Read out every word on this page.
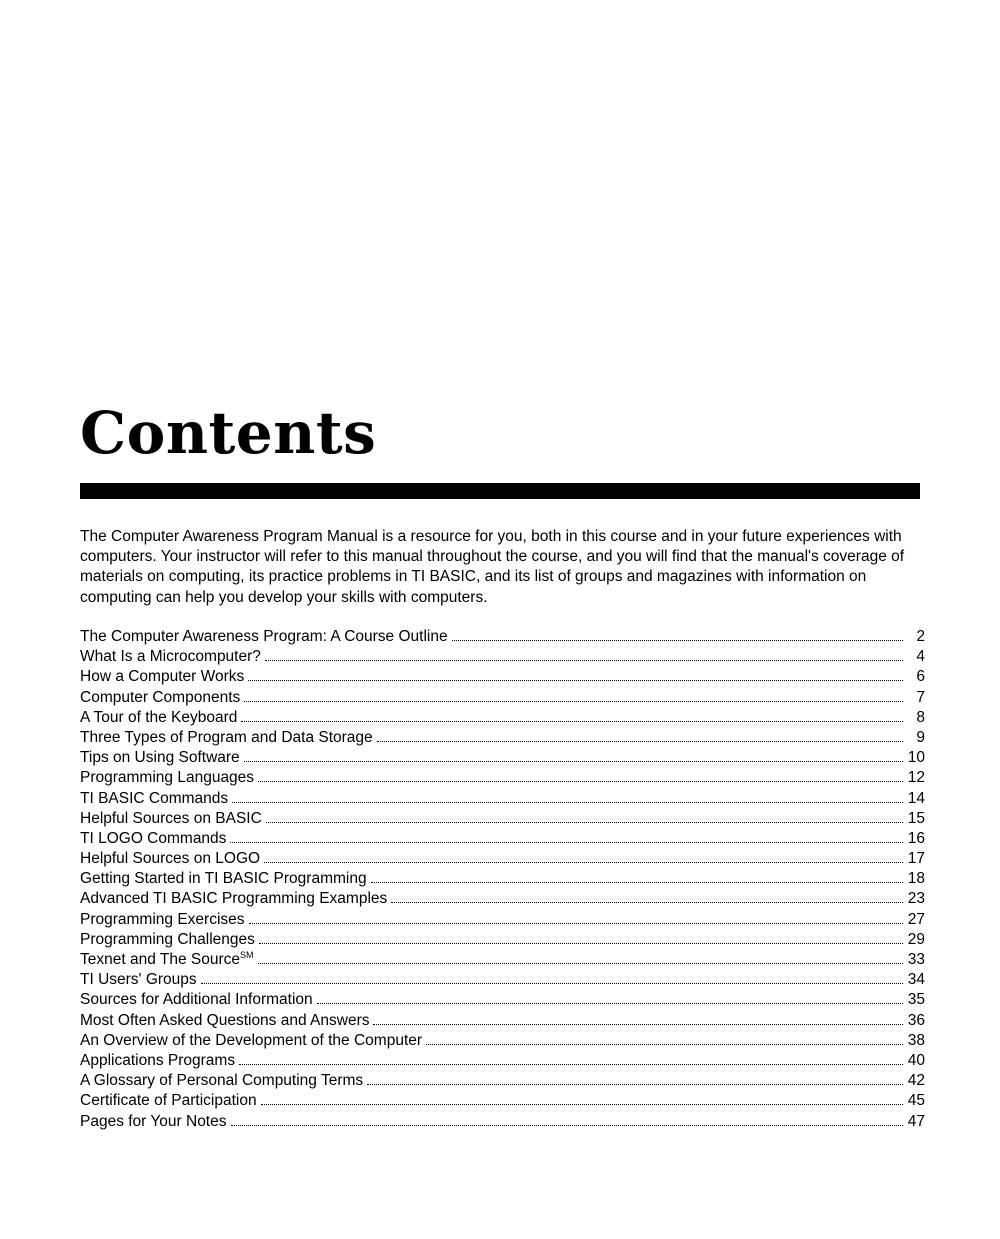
Contents

The Computer Awareness Program Manual is a resource for you, both in this course and in your future experiences with computers. Your instructor will refer to this manual throughout the course, and you will find that the manual's coverage of materials on computing, its practice problems in TI BASIC, and its list of groups and magazines with information on computing can help you develop your skills with computers.

The Computer Awareness Program: A Course Outline	2
What Is a Microcomputer?	4
How a Computer Works	6
Computer Components	7
A Tour of the Keyboard	8
Three Types of Program and Data Storage	9
Tips on Using Software	10
Programming Languages	12
TI BASIC Commands	14
Helpful Sources on BASIC	15
TI LOGO Commands	16
Helpful Sources on LOGO	17
Getting Started in TI BASIC Programming	18
Advanced TI BASIC Programming Examples	23
Programming Exercises	27
Programming Challenges	29
Texnet and The Source℠	33
TI Users' Groups	34
Sources for Additional Information	35
Most Often Asked Questions and Answers	36
An Overview of the Development of the Computer	38
Applications Programs	40
A Glossary of Personal Computing Terms	42
Certificate of Participation	45
Pages for Your Notes	47
